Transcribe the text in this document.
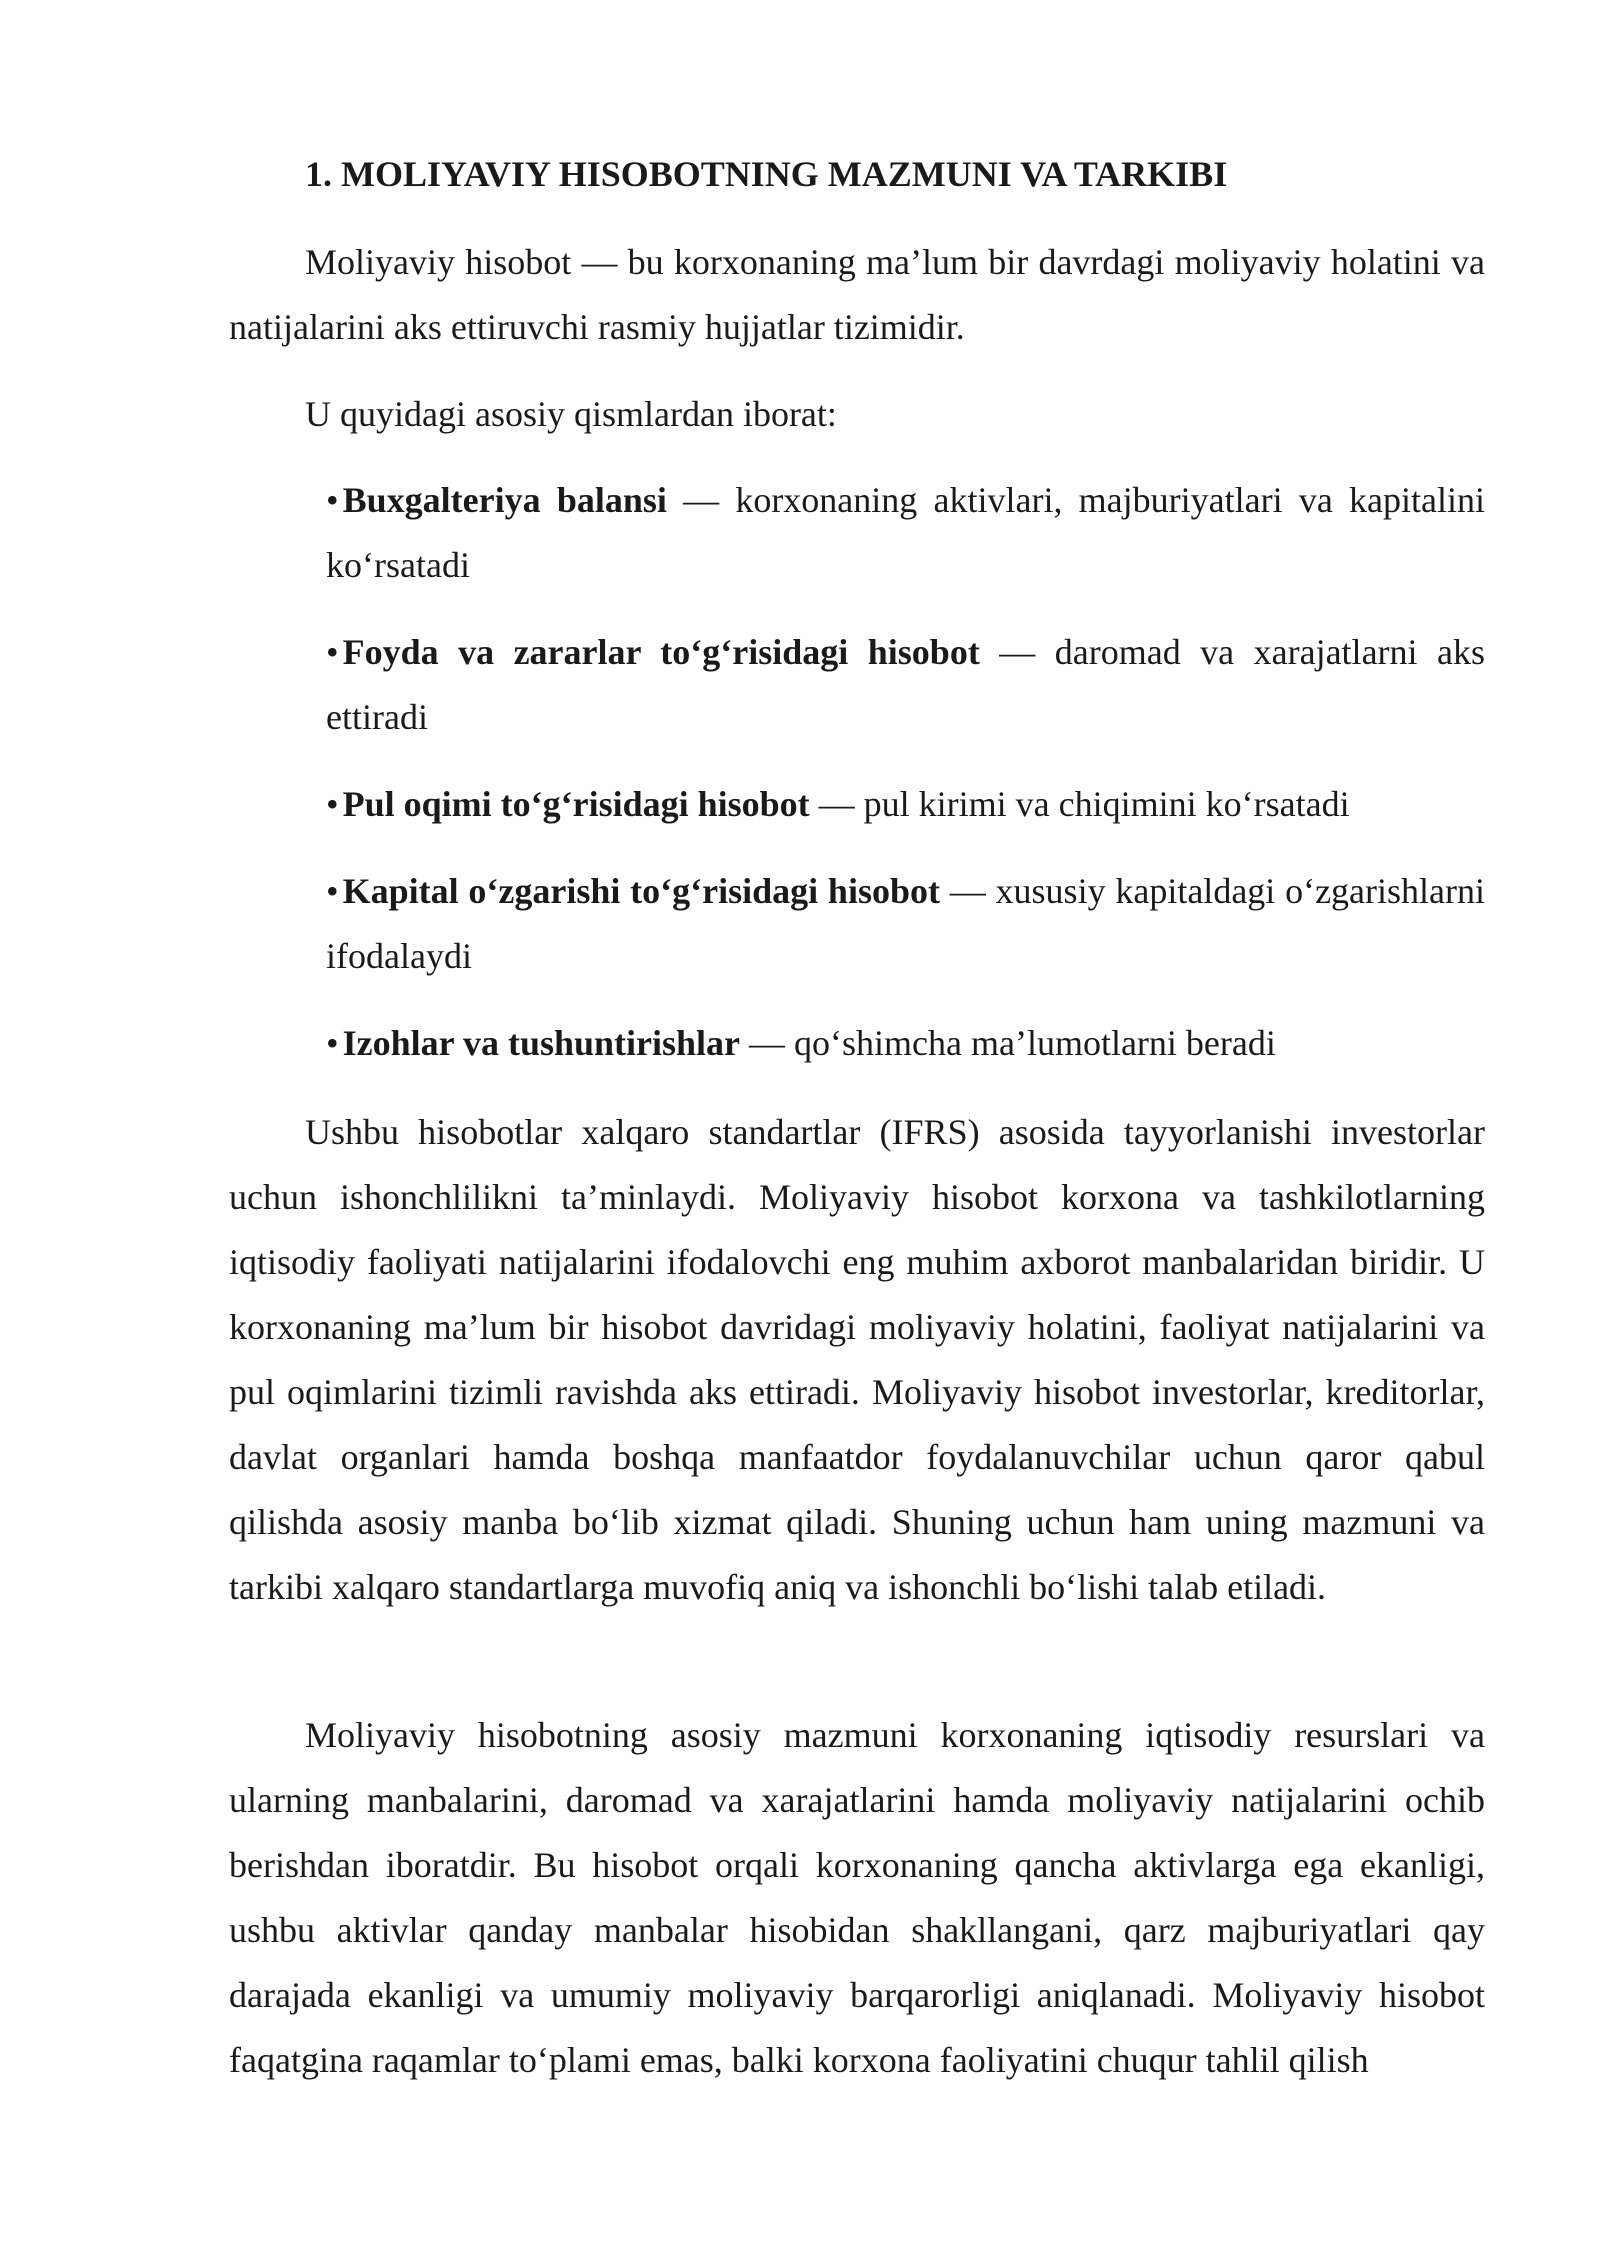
1. MOLIYAVIY HISOBOTNING MAZMUNI VA TARKIBI

Moliyaviy hisobot — bu korxonaning ma’lum bir davrdagi moliyaviy holatini va natijalarini aks ettiruvchi rasmiy hujjatlar tizimidir.

U quyidagi asosiy qismlardan iborat:

• Buxgalteriya balansi — korxonaning aktivlari, majburiyatlari va kapitalini ko‘rsatadi

• Foyda va zararlar to‘g‘risidagi hisobot — daromad va xarajatlarni aks ettiradi

• Pul oqimi to‘g‘risidagi hisobot — pul kirimi va chiqimini ko‘rsatadi

• Kapital o‘zgarishi to‘g‘risidagi hisobot — xususiy kapitaldagi o‘zgarishlarni ifodalaydi

• Izohlar va tushuntirishlar — qo‘shimcha ma’lumotlarni beradi

Ushbu hisobotlar xalqaro standartlar (IFRS) asosida tayyorlanishi investorlar uchun ishonchlilikni ta’minlaydi. Moliyaviy hisobot korxona va tashkilotlarning iqtisodiy faoliyati natijalarini ifodalovchi eng muhim axborot manbalaridan biridir. U korxonaning ma’lum bir hisobot davridagi moliyaviy holatini, faoliyat natijalarini va pul oqimlarini tizimli ravishda aks ettiradi. Moliyaviy hisobot investorlar, kreditorlar, davlat organlari hamda boshqa manfaatdor foydalanuvchilar uchun qaror qabul qilishda asosiy manba bo‘lib xizmat qiladi. Shuning uchun ham uning mazmuni va tarkibi xalqaro standartlarga muvofiq aniq va ishonchli bo‘lishi talab etiladi.

Moliyaviy hisobotning asosiy mazmuni korxonaning iqtisodiy resurslari va ularning manbalarini, daromad va xarajatlarini hamda moliyaviy natijalarini ochib berishdan iboratdir. Bu hisobot orqali korxonaning qancha aktivlarga ega ekanligi, ushbu aktivlar qanday manbalar hisobidan shakllangani, qarz majburiyatlari qay darajada ekanligi va umumiy moliyaviy barqarorligi aniqlanadi. Moliyaviy hisobot faqatgina raqamlar to‘plami emas, balki korxona faoliyatini chuqur tahlil qilish
